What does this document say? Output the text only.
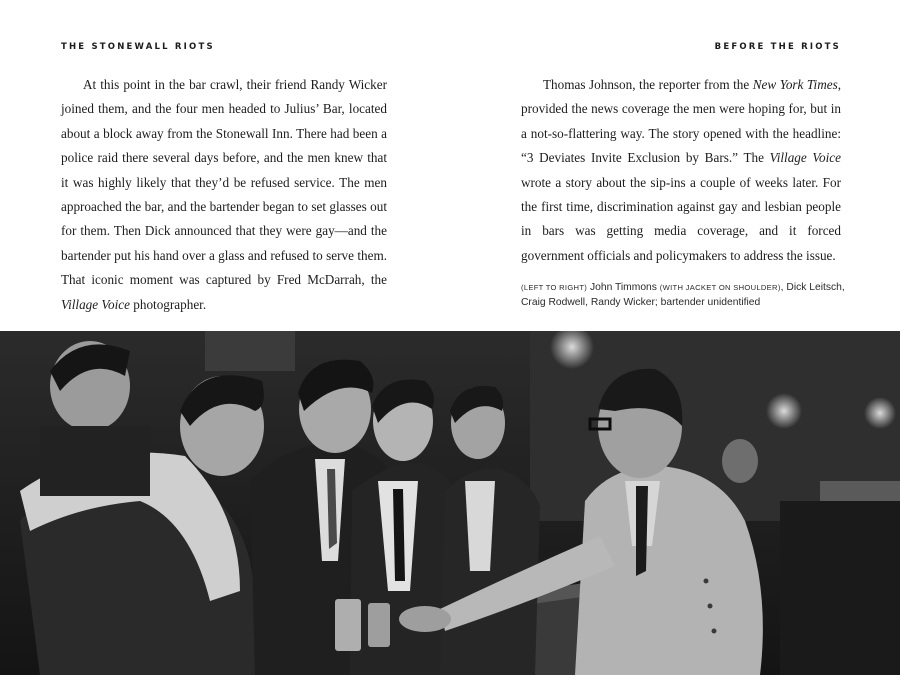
THE STONEWALL RIOTS	BEFORE THE RIOTS

At this point in the bar crawl, their friend Randy Wicker joined them, and the four men headed to Julius’ Bar, located about a block away from the Stonewall Inn. There had been a police raid there several days before, and the men knew that it was highly likely that they’d be refused service. The men approached the bar, and the bartender began to set glasses out for them. Then Dick announced that they were gay—and the bartender put his hand over a glass and refused to serve them. That iconic moment was captured by Fred McDarrah, the Village Voice photographer.

Thomas Johnson, the reporter from the New York Times, provided the news coverage the men were hoping for, but in a not-so-flattering way. The story opened with the headline: “3 Deviates Invite Exclusion by Bars.” The Village Voice wrote a story about the sip-ins a couple of weeks later. For the first time, discrimination against gay and lesbian people in bars was getting media coverage, and it forced government officials and policymakers to address the issue.

(LEFT TO RIGHT) John Timmons (WITH JACKET ON SHOULDER), Dick Leitsch, Craig Rodwell, Randy Wicker; bartender unidentified
